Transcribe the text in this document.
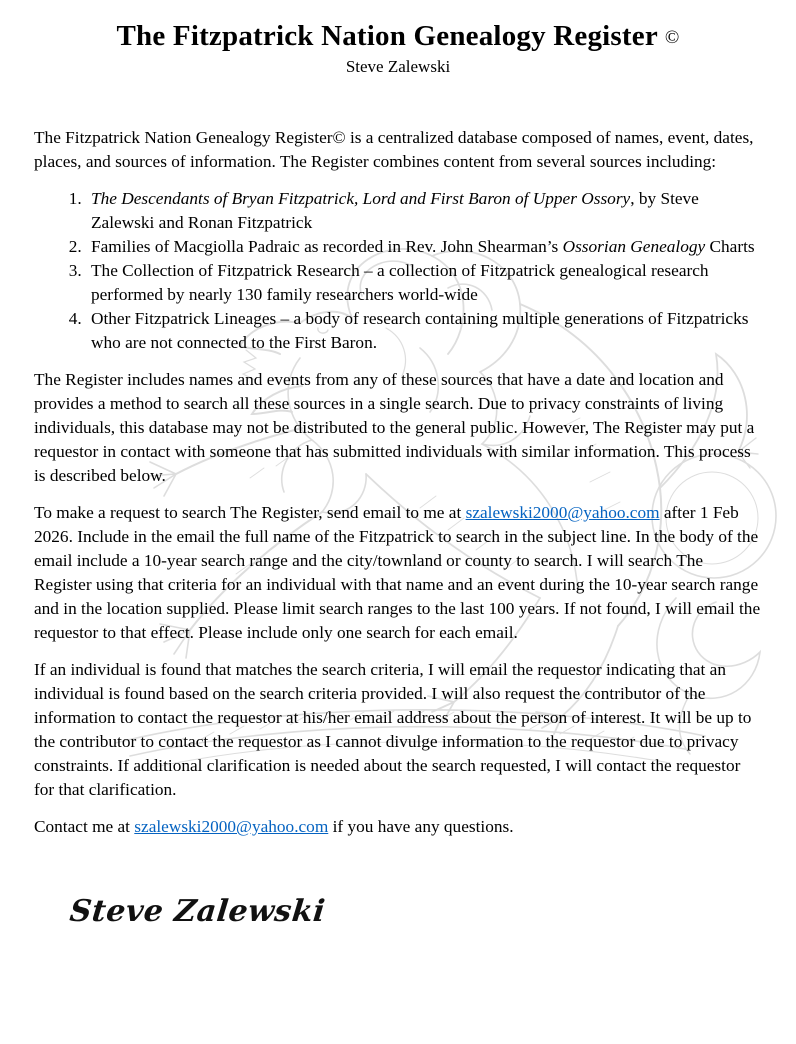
The Fitzpatrick Nation Genealogy Register ©
Steve Zalewski

The Fitzpatrick Nation Genealogy Register© is a centralized database composed of names, event, dates, places, and sources of information. The Register combines content from several sources including:

1. The Descendants of Bryan Fitzpatrick, Lord and First Baron of Upper Ossory, by Steve Zalewski and Ronan Fitzpatrick
2. Families of Macgiolla Padraic as recorded in Rev. John Shearman’s Ossorian Genealogy Charts
3. The Collection of Fitzpatrick Research – a collection of Fitzpatrick genealogical research performed by nearly 130 family researchers world-wide
4. Other Fitzpatrick Lineages – a body of research containing multiple generations of Fitzpatricks who are not connected to the First Baron.

The Register includes names and events from any of these sources that have a date and location and provides a method to search all these sources in a single search. Due to privacy constraints of living individuals, this database may not be distributed to the general public. However, The Register may put a requestor in contact with someone that has submitted individuals with similar information. This process is described below.

To make a request to search The Register, send email to me at szalewski2000@yahoo.com after 1 Feb 2026. Include in the email the full name of the Fitzpatrick to search in the subject line. In the body of the email include a 10-year search range and the city/townland or county to search. I will search The Register using that criteria for an individual with that name and an event during the 10-year search range and in the location supplied. Please limit search ranges to the last 100 years. If not found, I will email the requestor to that effect. Please include only one search for each email.

If an individual is found that matches the search criteria, I will email the requestor indicating that an individual is found based on the search criteria provided. I will also request the contributor of the information to contact the requestor at his/her email address about the person of interest. It will be up to the contributor to contact the requestor as I cannot divulge information to the requestor due to privacy constraints. If additional clarification is needed about the search requested, I will contact the requestor for that clarification.

Contact me at szalewski2000@yahoo.com if you have any questions.

Steve Zalewski
